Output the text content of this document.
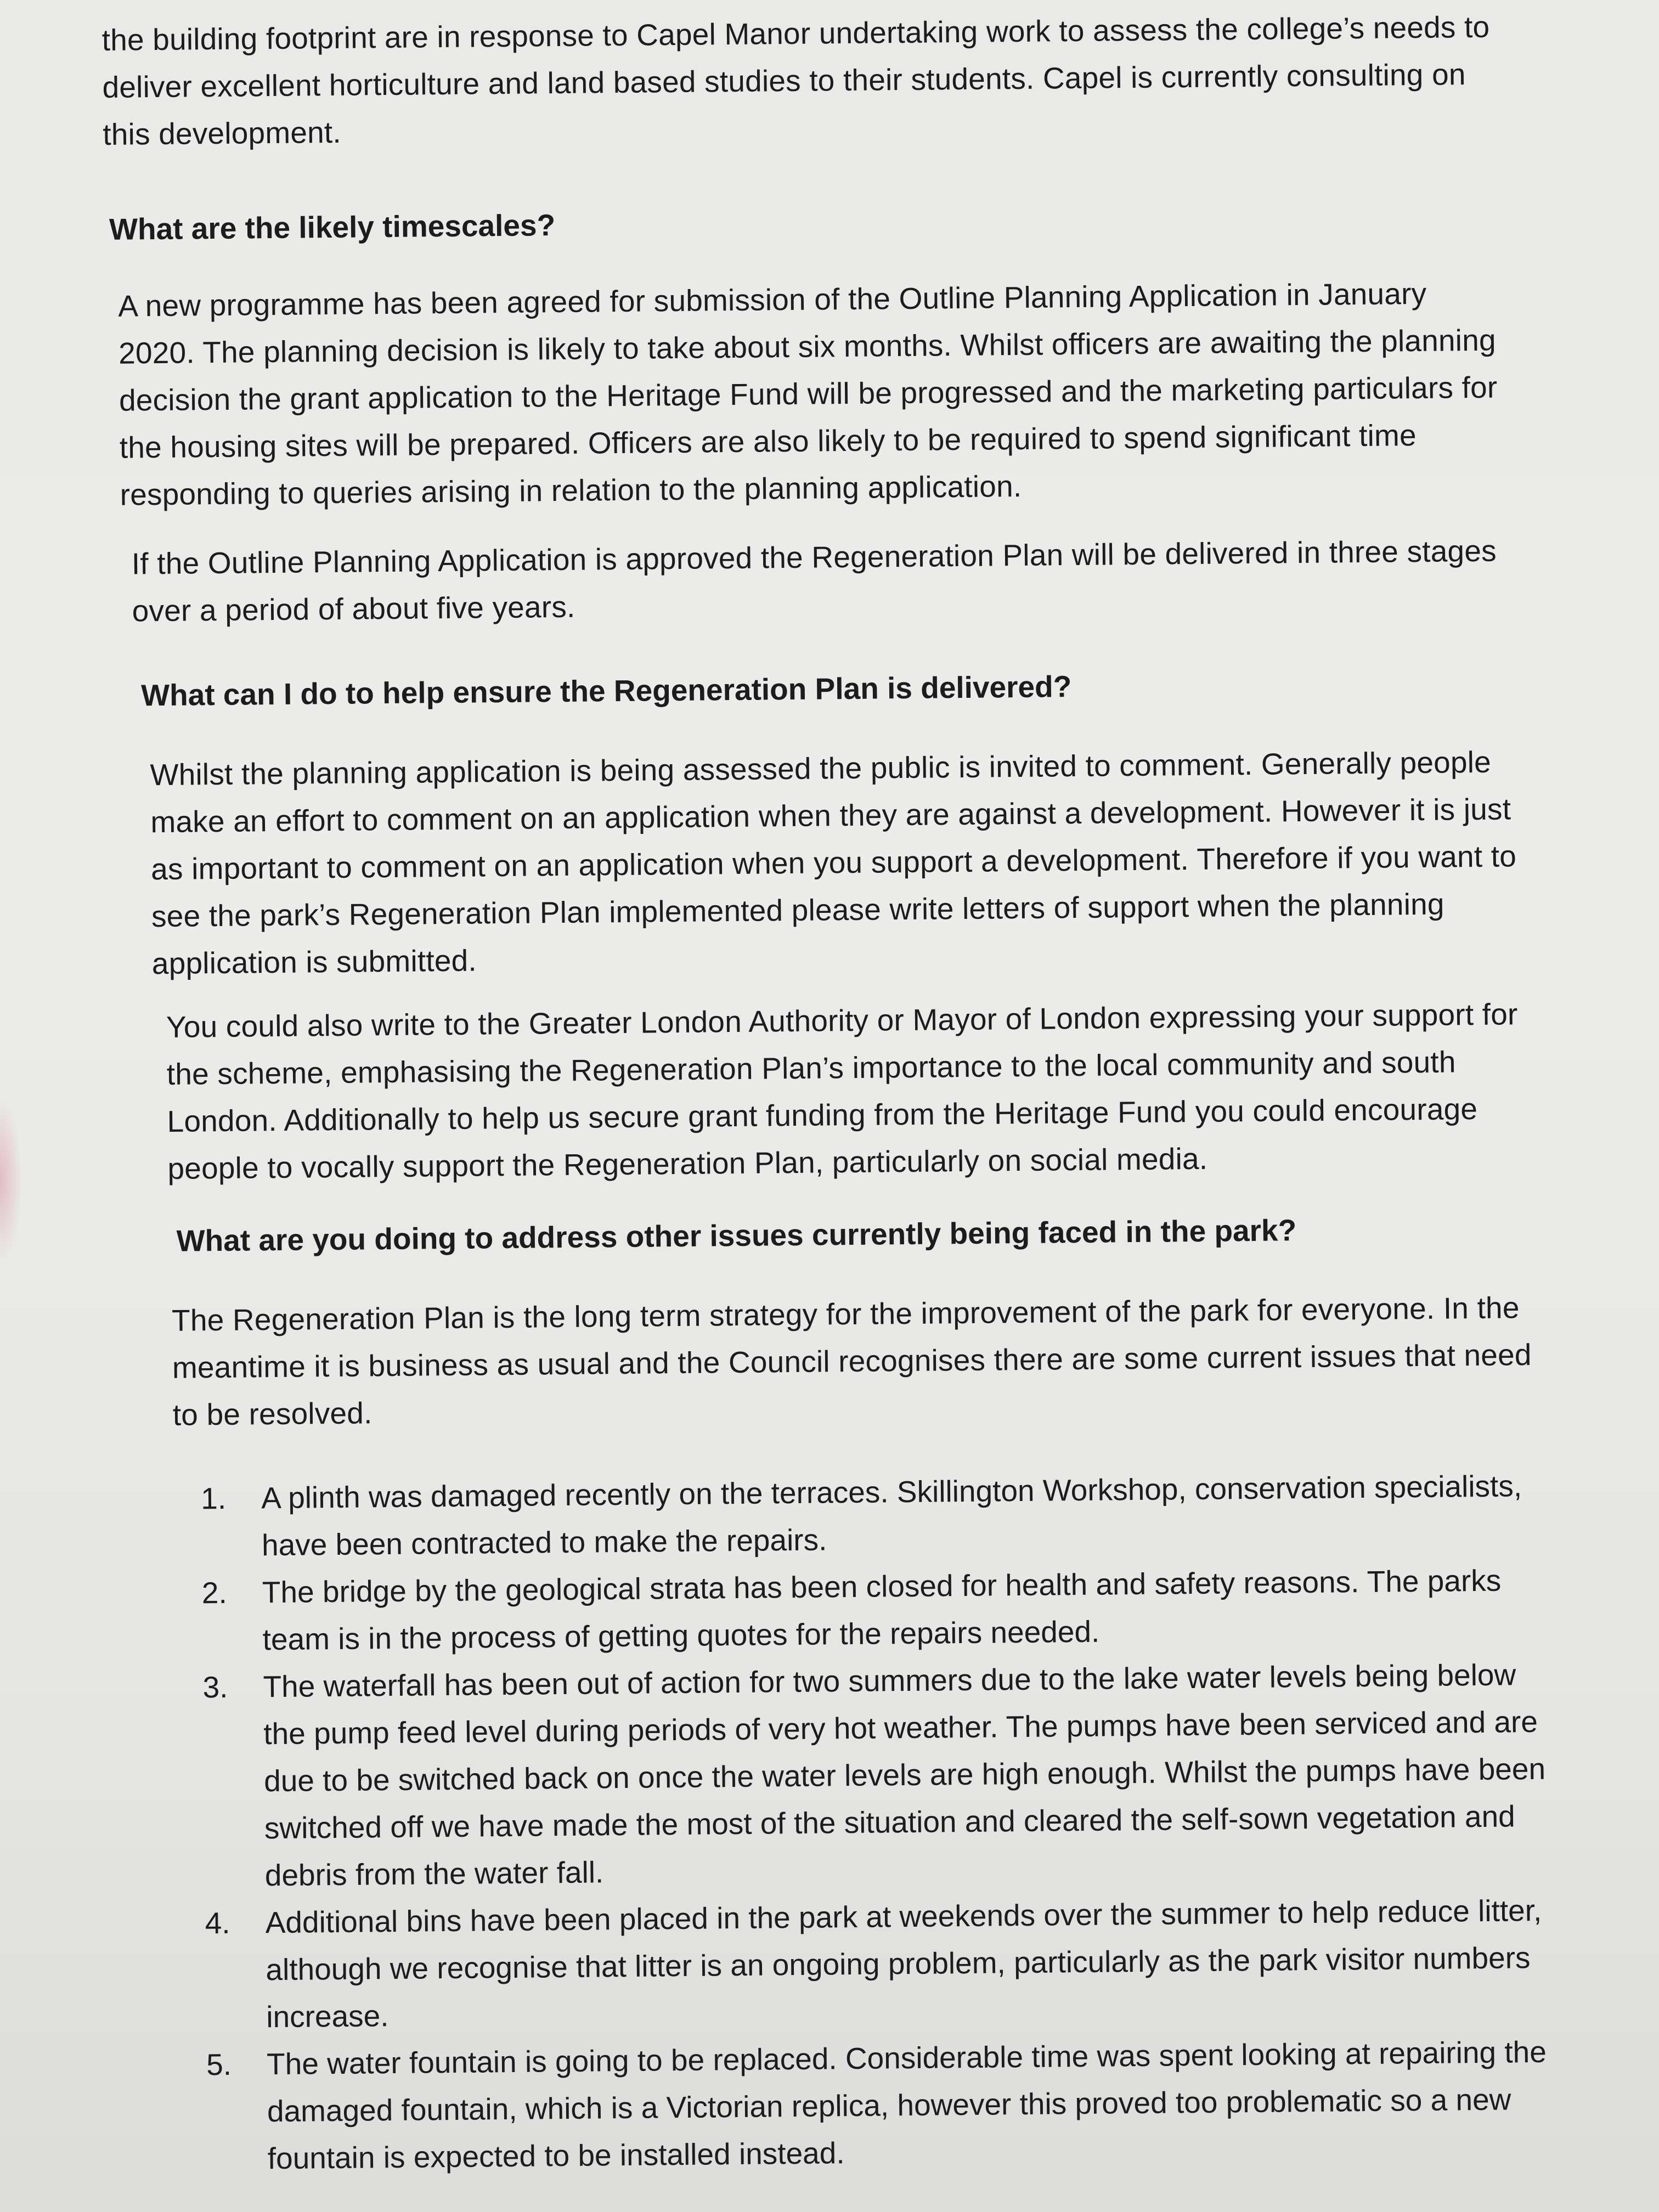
the building footprint are in response to Capel Manor undertaking work to assess the college’s needs to deliver excellent horticulture and land based studies to their students. Capel is currently consulting on this development.

What are the likely timescales?

A new programme has been agreed for submission of the Outline Planning Application in January 2020. The planning decision is likely to take about six months. Whilst officers are awaiting the planning decision the grant application to the Heritage Fund will be progressed and the marketing particulars for the housing sites will be prepared. Officers are also likely to be required to spend significant time responding to queries arising in relation to the planning application.

If the Outline Planning Application is approved the Regeneration Plan will be delivered in three stages over a period of about five years.

What can I do to help ensure the Regeneration Plan is delivered?

Whilst the planning application is being assessed the public is invited to comment. Generally people make an effort to comment on an application when they are against a development. However it is just as important to comment on an application when you support a development. Therefore if you want to see the park’s Regeneration Plan implemented please write letters of support when the planning application is submitted.

You could also write to the Greater London Authority or Mayor of London expressing your support for the scheme, emphasising the Regeneration Plan’s importance to the local community and south London. Additionally to help us secure grant funding from the Heritage Fund you could encourage people to vocally support the Regeneration Plan, particularly on social media.

What are you doing to address other issues currently being faced in the park?

The Regeneration Plan is the long term strategy for the improvement of the park for everyone. In the meantime it is business as usual and the Council recognises there are some current issues that need to be resolved.

1.	A plinth was damaged recently on the terraces. Skillington Workshop, conservation specialists, have been contracted to make the repairs.
2.	The bridge by the geological strata has been closed for health and safety reasons. The parks team is in the process of getting quotes for the repairs needed.
3.	The waterfall has been out of action for two summers due to the lake water levels being below the pump feed level during periods of very hot weather. The pumps have been serviced and are due to be switched back on once the water levels are high enough. Whilst the pumps have been switched off we have made the most of the situation and cleared the self-sown vegetation and debris from the water fall.
4.	Additional bins have been placed in the park at weekends over the summer to help reduce litter, although we recognise that litter is an ongoing problem, particularly as the park visitor numbers increase.
5.	The water fountain is going to be replaced. Considerable time was spent looking at repairing the damaged fountain, which is a Victorian replica, however this proved too problematic so a new fountain is expected to be installed instead.
